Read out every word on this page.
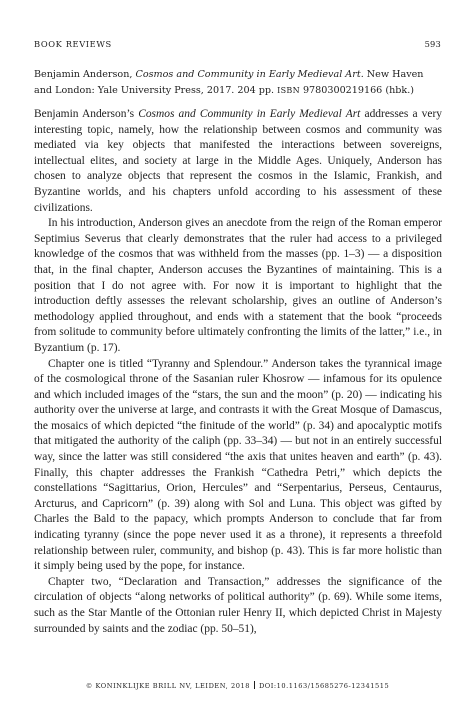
BOOK REVIEWS	593
Benjamin Anderson, Cosmos and Community in Early Medieval Art. New Haven and London: Yale University Press, 2017. 204 pp. ISBN 9780300219166 (hbk.)

Benjamin Anderson’s Cosmos and Community in Early Medieval Art addresses a very interesting topic, namely, how the relationship between cosmos and community was mediated via key objects that manifested the interactions between sovereigns, intellectual elites, and society at large in the Middle Ages. Uniquely, Anderson has chosen to analyze objects that represent the cosmos in the Islamic, Frankish, and Byzantine worlds, and his chapters unfold according to his assessment of these civilizations.

In his introduction, Anderson gives an anecdote from the reign of the Roman emperor Septimius Severus that clearly demonstrates that the ruler had access to a privileged knowledge of the cosmos that was withheld from the masses (pp. 1–3) — a disposition that, in the final chapter, Anderson accuses the Byzantines of maintaining. This is a position that I do not agree with. For now it is important to highlight that the introduction deftly assesses the relevant scholarship, gives an outline of Anderson’s methodology applied throughout, and ends with a statement that the book “proceeds from solitude to community before ultimately confronting the limits of the latter,” i.e., in Byzantium (p. 17).

Chapter one is titled “Tyranny and Splendour.” Anderson takes the tyrannical image of the cosmological throne of the Sasanian ruler Khosrow — infamous for its opulence and which included images of the “stars, the sun and the moon” (p. 20) — indicating his authority over the universe at large, and contrasts it with the Great Mosque of Damascus, the mosaics of which depicted “the finitude of the world” (p. 34) and apocalyptic motifs that mitigated the authority of the caliph (pp. 33–34) — but not in an entirely successful way, since the latter was still considered “the axis that unites heaven and earth” (p. 43). Finally, this chapter addresses the Frankish “Cathedra Petri,” which depicts the constellations “Sagittarius, Orion, Hercules” and “Serpentarius, Perseus, Centaurus, Arcturus, and Capricorn” (p. 39) along with Sol and Luna. This object was gifted by Charles the Bald to the papacy, which prompts Anderson to conclude that far from indicating tyranny (since the pope never used it as a throne), it represents a threefold relationship between ruler, community, and bishop (p. 43). This is far more holistic than it simply being used by the pope, for instance.

Chapter two, “Declaration and Transaction,” addresses the significance of the circulation of objects “along networks of political authority” (p. 69). While some items, such as the Star Mantle of the Ottonian ruler Henry II, which depicted Christ in Majesty surrounded by saints and the zodiac (pp. 50–51),

© KONINKLIJKE BRILL NV, LEIDEN, 2018 DOI:10.1163/15685276-12341515
